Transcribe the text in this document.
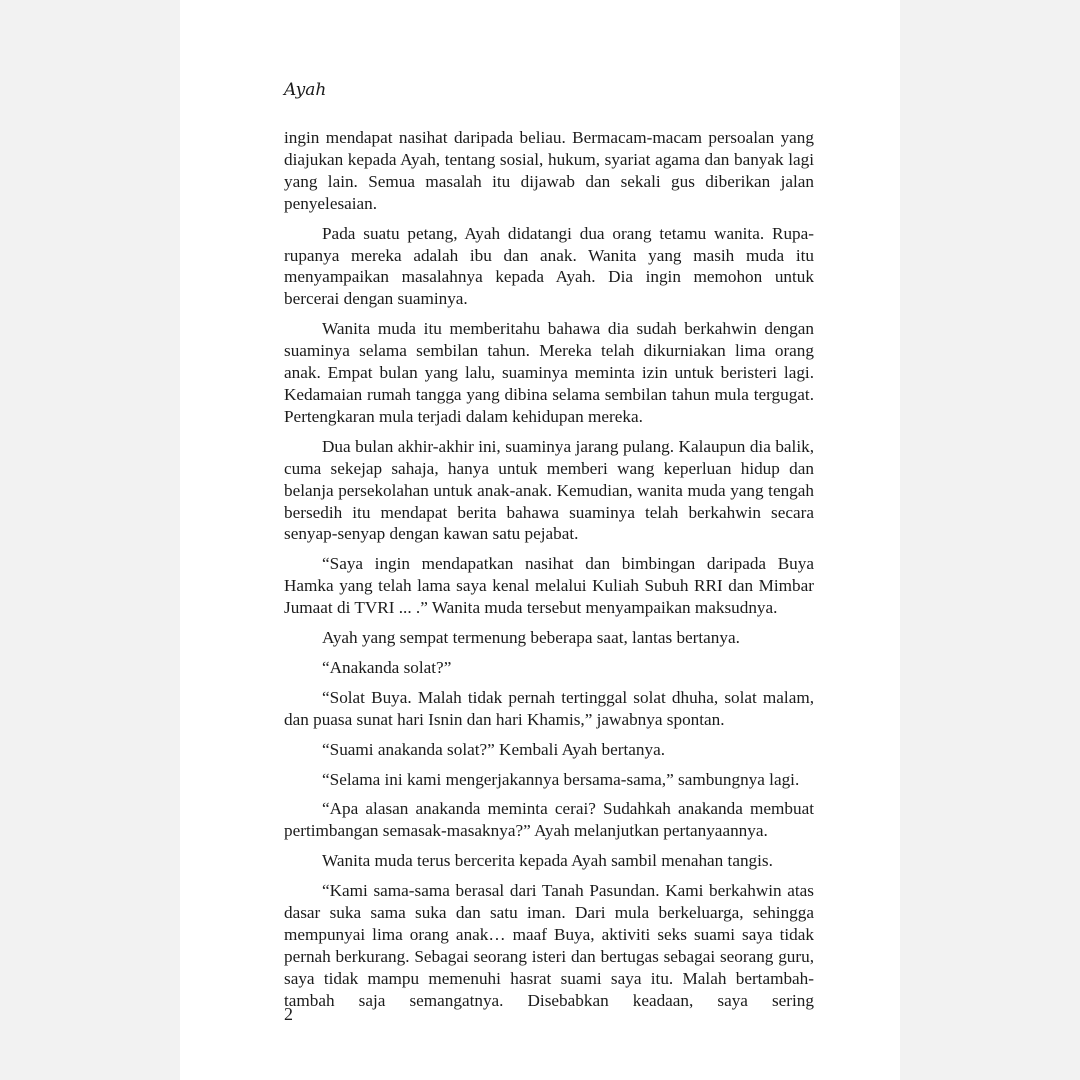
Ayah

ingin mendapat nasihat daripada beliau. Bermacam-macam persoalan yang diajukan kepada Ayah, tentang sosial, hukum, syariat agama dan banyak lagi yang lain. Semua masalah itu dijawab dan sekali gus diberikan jalan penyelesaian.

Pada suatu petang, Ayah didatangi dua orang tetamu wanita. Rupa-rupanya mereka adalah ibu dan anak. Wanita yang masih muda itu menyampaikan masalahnya kepada Ayah. Dia ingin memohon untuk bercerai dengan suaminya.

Wanita muda itu memberitahu bahawa dia sudah berkahwin dengan suaminya selama sembilan tahun. Mereka telah dikurniakan lima orang anak. Empat bulan yang lalu, suaminya meminta izin untuk beristeri lagi. Kedamaian rumah tangga yang dibina selama sembilan tahun mula tergugat. Pertengkaran mula terjadi dalam kehidupan mereka.

Dua bulan akhir-akhir ini, suaminya jarang pulang. Kalaupun dia balik, cuma sekejap sahaja, hanya untuk memberi wang keperluan hidup dan belanja persekolahan untuk anak-anak. Kemudian, wanita muda yang tengah bersedih itu mendapat berita bahawa suaminya telah berkahwin secara senyap-senyap dengan kawan satu pejabat.

“Saya ingin mendapatkan nasihat dan bimbingan daripada Buya Hamka yang telah lama saya kenal melalui Kuliah Subuh RRI dan Mimbar Jumaat di TVRI ... .” Wanita muda tersebut menyampaikan maksudnya.

Ayah yang sempat termenung beberapa saat, lantas bertanya.

“Anakanda solat?”

“Solat Buya. Malah tidak pernah tertinggal solat dhuha, solat malam, dan puasa sunat hari Isnin dan hari Khamis,” jawabnya spontan.

“Suami anakanda solat?” Kembali Ayah bertanya.

“Selama ini kami mengerjakannya bersama-sama,” sambungnya lagi.

“Apa alasan anakanda meminta cerai? Sudahkah anakanda membuat pertimbangan semasak-masaknya?” Ayah melanjutkan pertanyaannya.

Wanita muda terus bercerita kepada Ayah sambil menahan tangis.

“Kami sama-sama berasal dari Tanah Pasundan. Kami berkahwin atas dasar suka sama suka dan satu iman. Dari mula berkeluarga, sehingga mempunyai lima orang anak… maaf Buya, aktiviti seks suami saya tidak pernah berkurang. Sebagai seorang isteri dan bertugas sebagai seorang guru, saya tidak mampu memenuhi hasrat suami saya itu. Malah bertambah-tambah saja semangatnya. Disebabkan keadaan, saya sering

2
